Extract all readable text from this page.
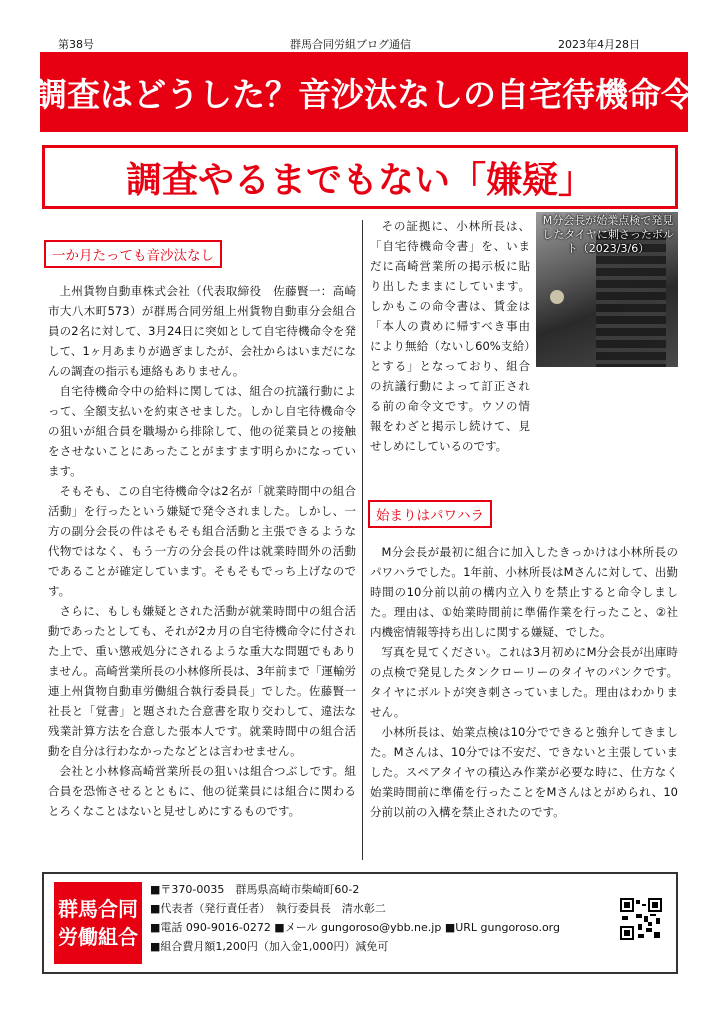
第38号	群馬合同労組ブログ通信	2023年4月28日
調査はどうした？音沙汰なしの自宅待機命令
調査やるまでもない「嫌疑」
一か月たっても音沙汰なし

上州貨物自動車株式会社（代表取締役　佐藤賢一：高崎市大八木町573）が群馬合同労組上州貨物自動車分会組合員の2名に対して、3月24日に突如として自宅待機命令を発して、1ヶ月あまりが過ぎましたが、会社からはいまだになんの調査の指示も連絡もありません。

自宅待機命令中の給料に関しては、組合の抗議行動によって、全額支払いを約束させました。しかし自宅待機命令の狙いが組合員を職場から排除して、他の従業員との接触をさせないことにあったことがますます明らかになっています。

そもそも、この自宅待機命令は2名が「就業時間中の組合活動」を行ったという嫌疑で発令されました。しかし、一方の副分会長の件はそもそも組合活動と主張できるような代物ではなく、もう一方の分会長の件は就業時間外の活動であることが確定しています。そもそもでっち上げなのです。

さらに、もしも嫌疑とされた活動が就業時間中の組合活動であったとしても、それが2カ月の自宅待機命令に付された上で、重い懲戒処分にされるような重大な問題でもありません。高崎営業所長の小林修所長は、3年前まで「運輸労連上州貨物自動車労働組合執行委員長」でした。佐藤賢一社長と「覚書」と題された合意書を取り交わして、違法な残業計算方法を合意した張本人です。就業時間中の組合活動を自分は行わなかったなどとは言わせません。

会社と小林修高崎営業所長の狙いは組合つぶしです。組合員を恐怖させるとともに、他の従業員には組合に関わるとろくなことはないと見せしめにするものです。

その証拠に、小林所長は、「自宅待機命令書」を、いまだに高崎営業所の掲示板に貼り出したままにしています。しかもこの命令書は、賃金は「本人の責めに帰すべき事由により無給（ないし60%支給）とする」となっており、組合の抗議行動によって訂正される前の命令文です。ウソの情報をわざと掲示し続けて、見せしめにしているのです。

M分会長が始業点検で発見したタイヤに刺さったボルト（2023/3/6）
始まりはパワハラ

M分会長が最初に組合に加入したきっかけは小林所長のパワハラでした。1年前、小林所長はMさんに対して、出勤時間の10分前以前の構内立入りを禁止すると命令しました。理由は、①始業時間前に準備作業を行ったこと、②社内機密情報等持ち出しに関する嫌疑、でした。

写真を見てください。これは3月初めにM分会長が出庫時の点検で発見したタンクローリーのタイヤのパンクです。タイヤにボルトが突き刺さっていました。理由はわかりません。

小林所長は、始業点検は10分でできると強弁してきました。Mさんは、10分では不安だ、できないと主張していました。スペアタイヤの積込み作業が必要な時に、仕方なく始業時間前に準備を行ったことをMさんはとがめられ、10分前以前の入構を禁止されたのです。

群馬合同
労働組合
■〒370-0035　群馬県高崎市柴崎町60-2
■代表者（発行責任者）　執行委員長　清水彰二
■電話 090-9016-0272 ■メール gungoroso@ybb.ne.jp ■URL gungoroso.org
■組合費月額1,200円（加入金1,000円）減免可
